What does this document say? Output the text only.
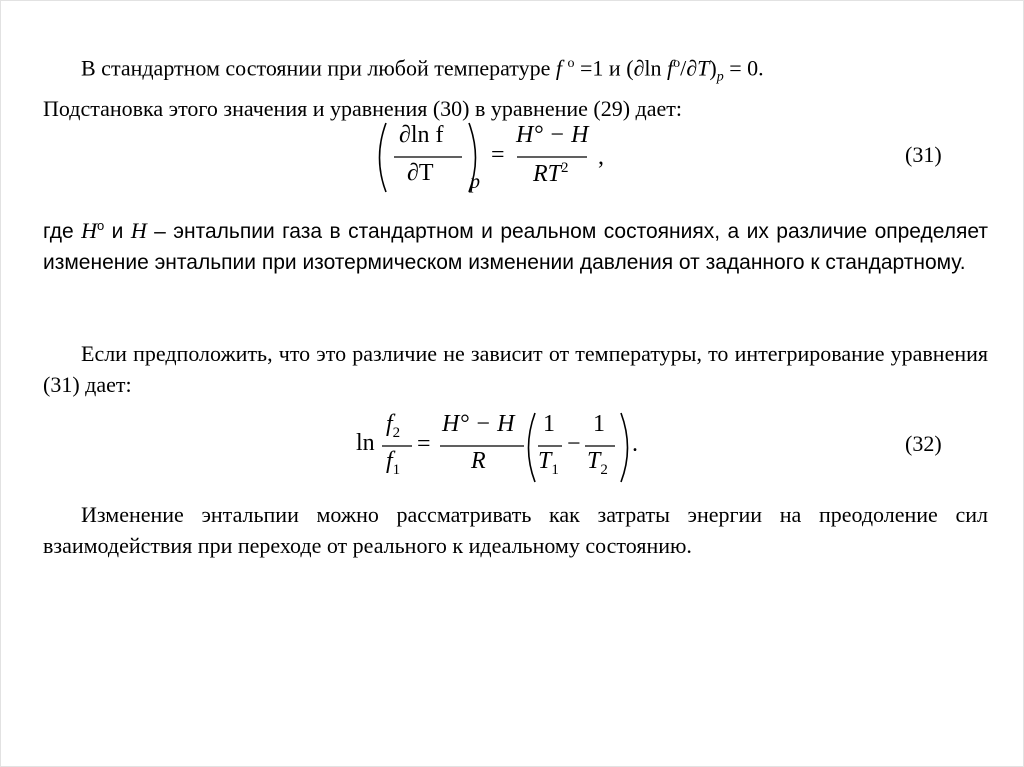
В стандартном состоянии при любой температуре f $^о$ =1 и (∂ln $f^о/\partial T)_p = 0$.
Подстановка этого значения и уравнения (30) в уравнение (29) дает:
∂ln f
∂T p
=
H° − H
$RT^2$ ,	(31)
где $H^о$ и H – энтальпии газа в стандартном и реальном состояниях, а их различие определяет изменение энтальпии при изотермическом изменении давления от заданного к стандартному.
Если предположить, что это различие не зависит от температуры, то интегрирование уравнения (31) дает:
ln
$f_2$
$f_1$
=
H° − H
R
1
$T_1$
−
1
$T_2$
.	(32)
Изменение энтальпии можно рассматривать как затраты энергии на преодоление сил взаимодействия при переходе от реального к идеальному состоянию.
